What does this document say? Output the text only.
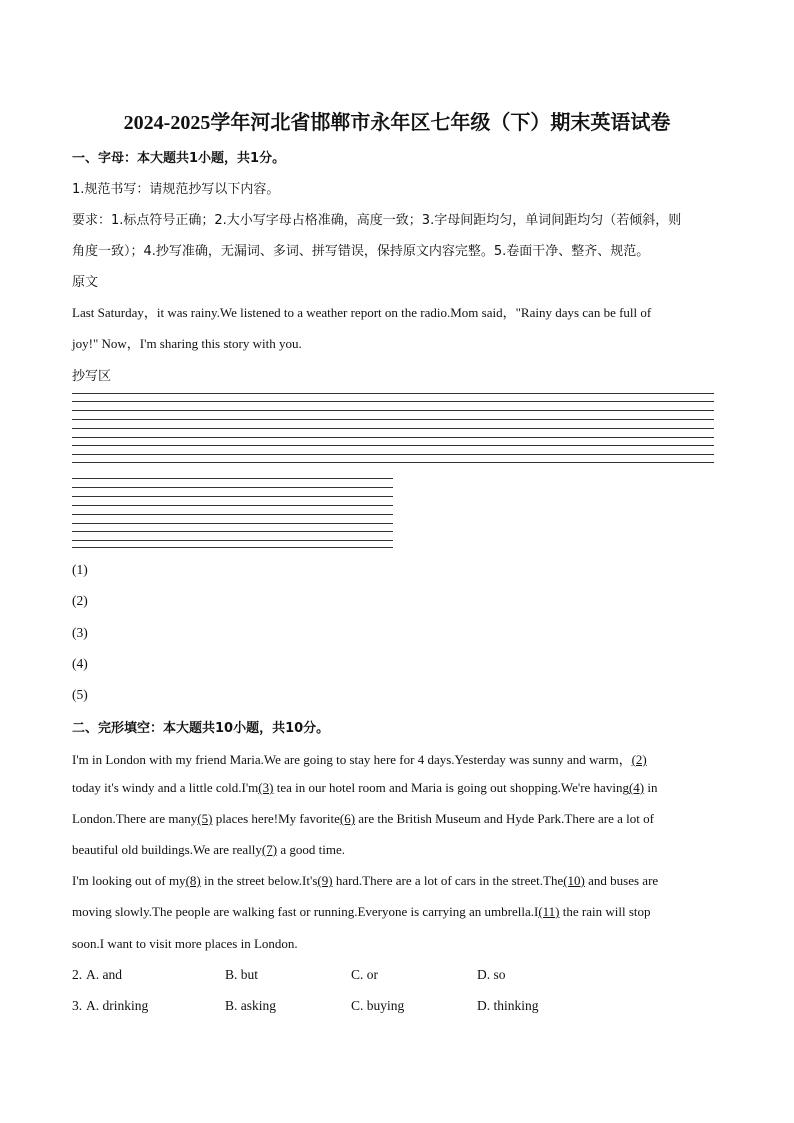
2024-2025学年河北省邯郸市永年区七年级（下）期末英语试卷
一、字母：本大题共1小题，共1分。
1.规范书写：请规范抄写以下内容。
要求：1.标点符号正确；2.大小写字母占格准确，高度一致；3.字母间距均匀，单词间距均匀（若倾斜，则
角度一致）；4.抄写准确，无漏词、多词、拼写错误，保持原文内容完整。5.卷面干净、整齐、规范。
原文
Last Saturday，it was rainy.We listened to a weather report on the radio.Mom said，"Rainy days can be full of
joy!" Now，I'm sharing this story with you.
抄写区
(1)
(2)
(3)
(4)
(5)
二、完形填空：本大题共10小题，共10分。
I'm in London with my friend Maria.We are going to stay here for 4 days.Yesterday was sunny and warm，(2)
today it's windy and a little cold.I'm(3) tea in our hotel room and Maria is going out shopping.We're having(4) in
London.There are many(5) places here!My favorite(6) are the British Museum and Hyde Park.There are a lot of
beautiful old buildings.We are really(7) a good time.
I'm looking out of my(8) in the street below.It's(9) hard.There are a lot of cars in the street.The(10) and buses are
moving slowly.The people are walking fast or running.Everyone is carrying an umbrella.I(11) the rain will stop
soon.I want to visit more places in London.
2. A. and	B. but	C. or	D. so
3. A. drinking	B. asking	C. buying	D. thinking
